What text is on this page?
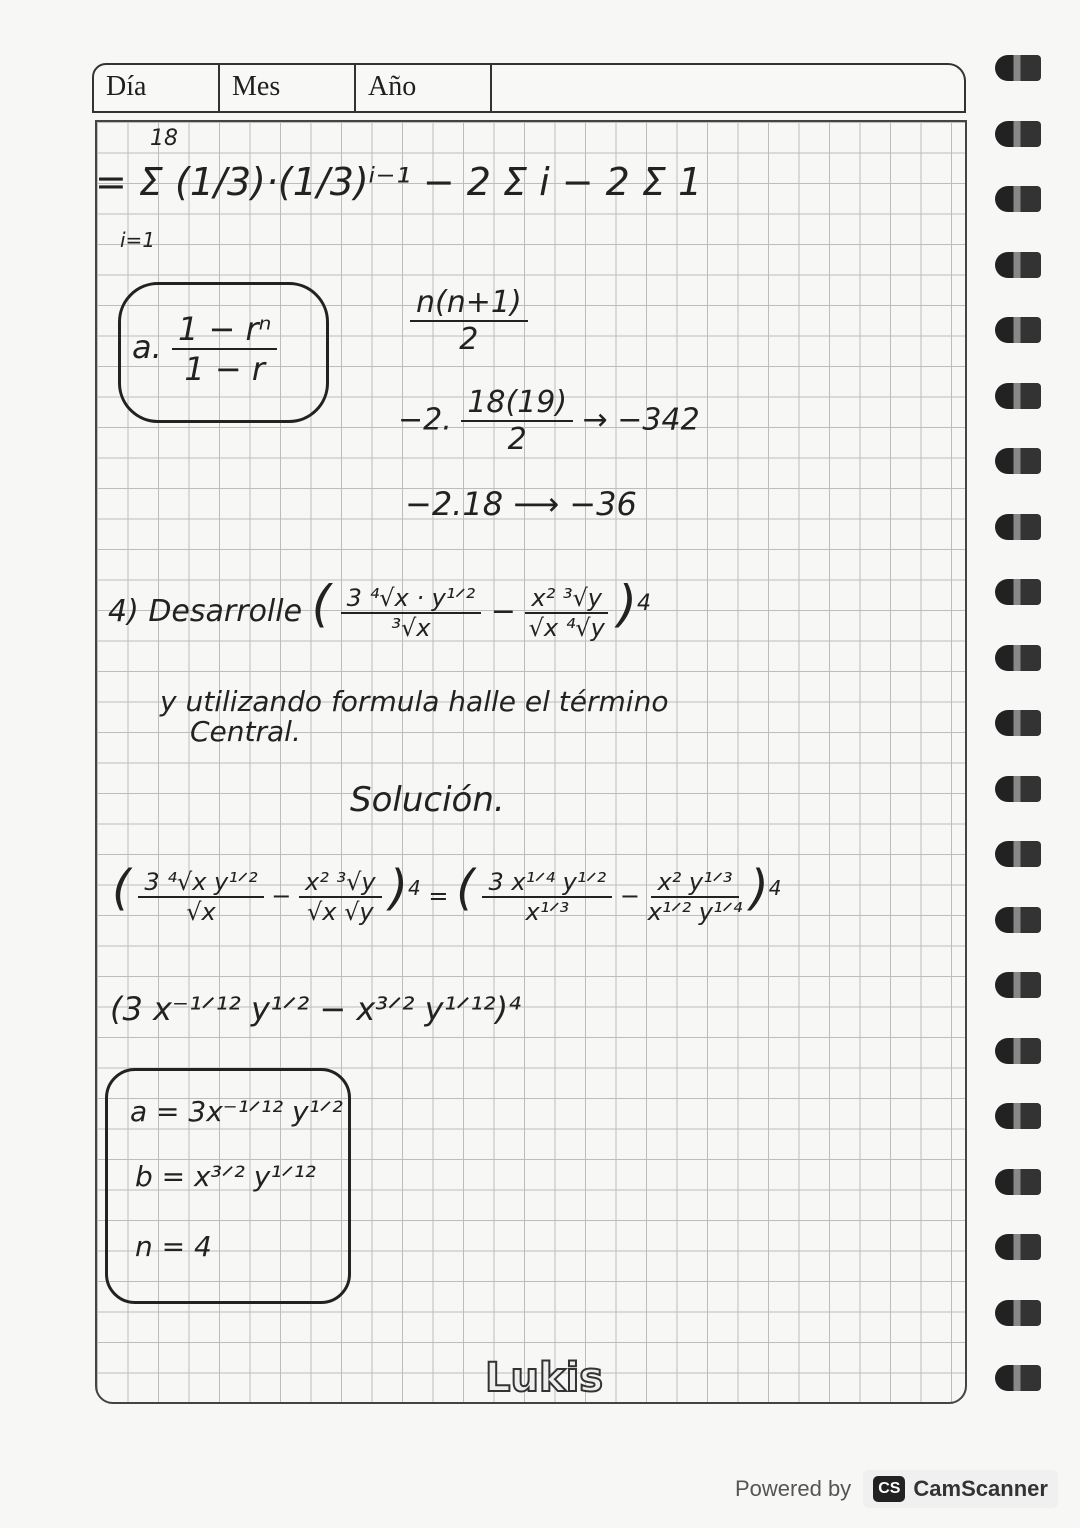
Día	Mes	Año
18
i=1
= Σ (1/3)·(1/3)ⁱ⁻¹ − 2 Σ i − 2 Σ 1
a. $\frac{\text{1 − rⁿ}}{1 - r}$	$\frac{n(n+1)}{2}$
−2. $\frac{18(19)}{2} \to -342$
−2.18 ⟶ −36
4) Desarrolle ( $\frac{\text{3 ⁴√x · y¹ᐟ²}}{\text{³√x}} - \frac{\text{x² ³√y}}{\text{√x ⁴√y}} )^4$
y utilizando formula halle el término
Central.
Solución.
( $\frac{\text{3 ⁴√x y¹ᐟ²}}{√x} - \frac{\text{x² ³√y}}{√x √y} )^4$ = ( $\frac{\text{3 x¹ᐟ⁴ y¹ᐟ²}}{\text{x¹ᐟ³}} - \frac{\text{x² y¹ᐟ³}}{\text{x¹ᐟ² y¹ᐟ⁴}} )^4$
(3 x⁻¹ᐟ¹² y¹ᐟ² − x³ᐟ² y¹ᐟ¹²)⁴
a = 3x⁻¹ᐟ¹² y¹ᐟ²
b = x³ᐟ² y¹ᐟ¹²
n = 4
Lukis
Powered by	CS CamScanner
